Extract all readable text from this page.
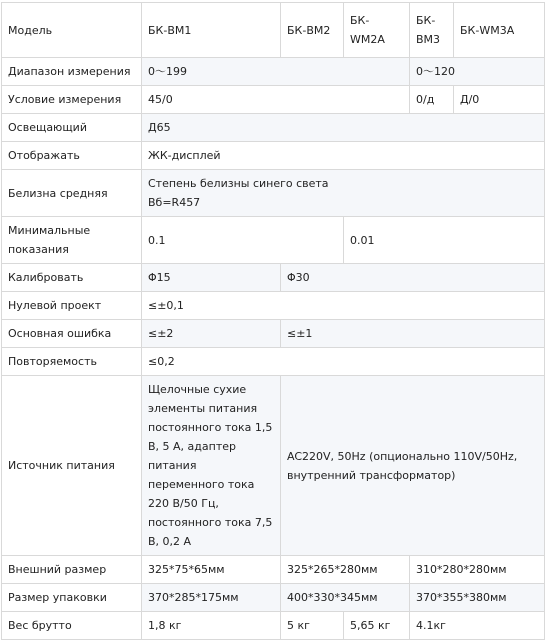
Модель	БК-ВМ1	БК-ВМ2	БК-WM2A	БК-ВМ3	БК-WM3A
Диапазон измерения	0～199			0～120	
Условие измерения	45/0			0/д	Д/0
Освещающий	Д65				
Отображать	ЖК-дисплей				
Белизна средняя	Степень белизны синего света
Вб=R457				
Минимальные
показания	0.1		0.01		
Калибровать	Φ15	Φ30			
Нулевой проект	≤±0,1				
Основная ошибка	≤±2	≤±1			
Повторяемость	≤0,2				
Источник питания	Щелочные сухие элементы питания постоянного тока 1,5 В, 5 А, адаптер питания переменного тока 220 В/50 Гц, постоянного тока 7,5 В, 0,2 А	AC220V, 50Hz (опционально 110V/50Hz, внутренний трансформатор)			
Внешний размер	325*75*65мм	325*265*280мм		310*280*280мм	
Размер упаковки	370*285*175мм	400*330*345мм		370*355*380мм	
Вес брутто	1,8 кг	5 кг	5,65 кг	4.1кг	
